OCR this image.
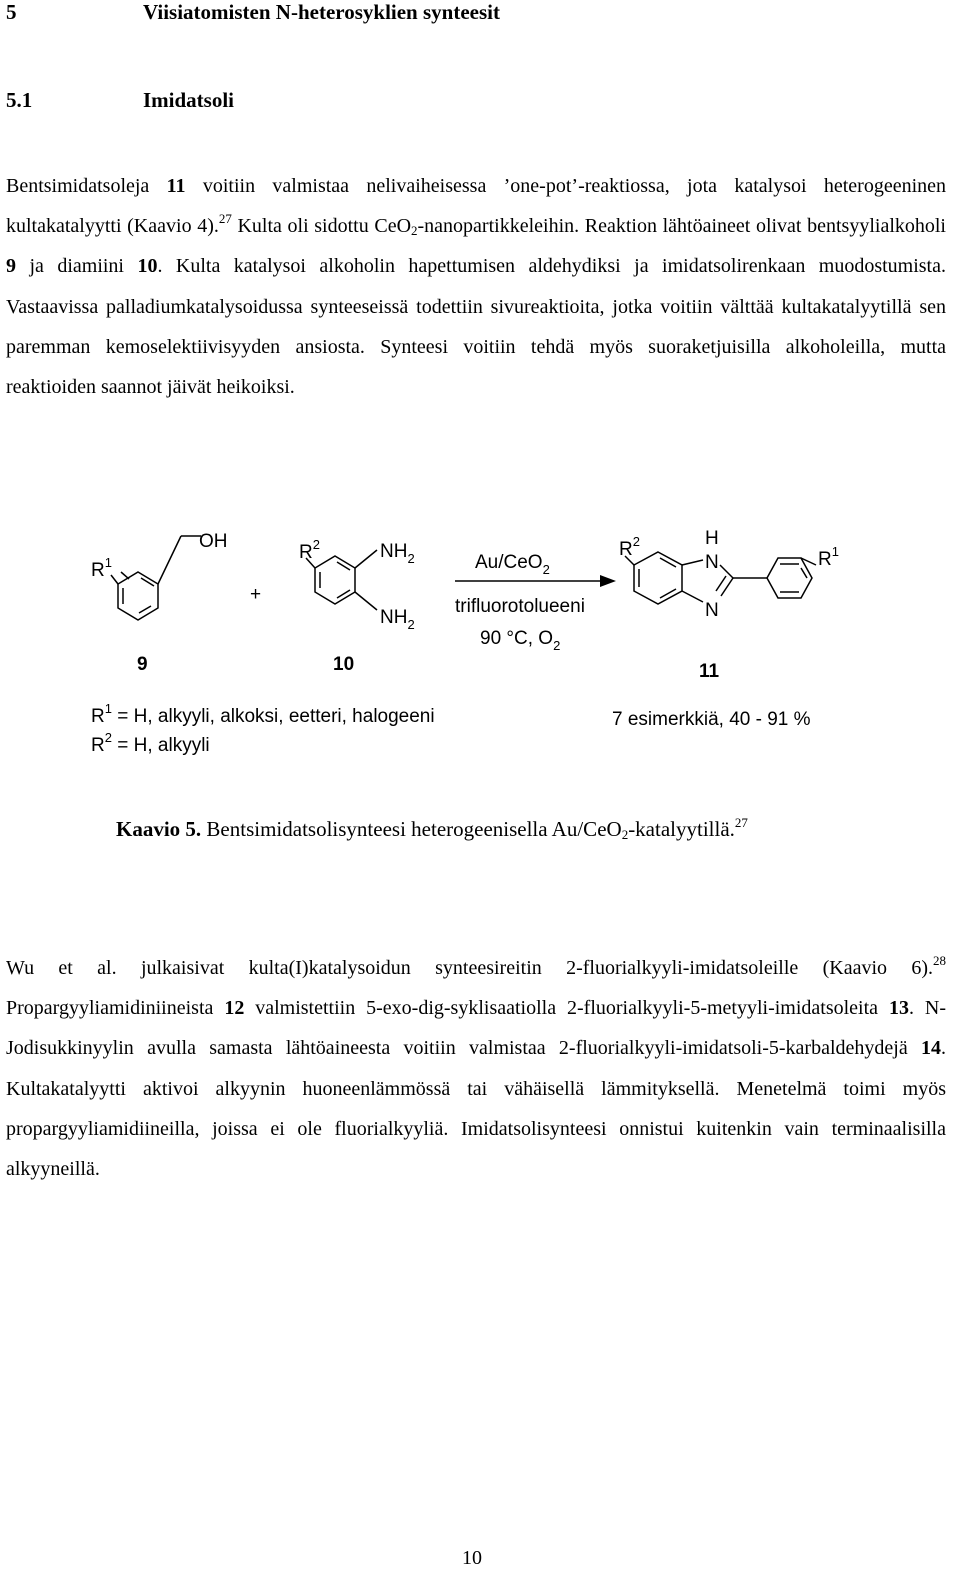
5	Viisiatomisten N-heterosyklien synteesit
5.1	Imidatsoli

Bentsimidatsoleja 11 voitiin valmistaa nelivaiheisessa ’one-pot’-reaktiossa, jota katalysoi heterogeeninen kultakatalyytti (Kaavio 4).$^{27}$ Kulta oli sidottu CeO$_2$-nanopartikkeleihin. Reaktion lähtöaineet olivat bentsyylialkoholi 9 ja diamiini 10. Kulta katalysoi alkoholin hapettumisen aldehydiksi ja imidatsolirenkaan muodostumista. Vastaavissa palladiumkatalysoidussa synteeseissä todettiin sivureaktioita, jotka voitiin välttää kultakatalyytillä sen paremman kemoselektiivisyyden ansiosta. Synteesi voitiin tehdä myös suoraketjuisilla alkoholeilla, mutta reaktioiden saannot jäivät heikoiksi.

OH
$R^1$
+
$R^2$	$NH_2$
$NH_2$
Au/CeO$_2$
trifluorotolueeni
90 °C, $O_2$
$R^2$	H
N
N
$R^1$
9	10	11
$R^1 = H$, alkyyli, alkoksi, eetteri, halogeeni
$R^2 = H$, alkyyli
7 esimerkkiä, 40 - 91 %
Kaavio 5. Bentsimidatsolisynteesi heterogeenisella Au/CeO$_2$-katalyytillä.$^{27}$

Wu et al. julkaisivat kulta(I)katalysoidun synteesireitin 2-fluorialkyyli-imidatsoleille (Kaavio 6).$^{28}$ Propargyyliamidiniineista 12 valmistettiin 5-exo-dig-syklisaatiolla 2-fluorialkyyli-5-metyyli-imidatsoleita 13. N-Jodisukkinyylin avulla samasta lähtöaineesta voitiin valmistaa 2-fluorialkyyli-imidatsoli-5-karbaldehydejä 14. Kultakatalyytti aktivoi alkyynin huoneenlämmössä tai vähäisellä lämmityksellä. Menetelmä toimi myös propargyyliamidiineilla, joissa ei ole fluorialkyyliä. Imidatsolisynteesi onnistui kuitenkin vain terminaalisilla alkyyneillä.

10
